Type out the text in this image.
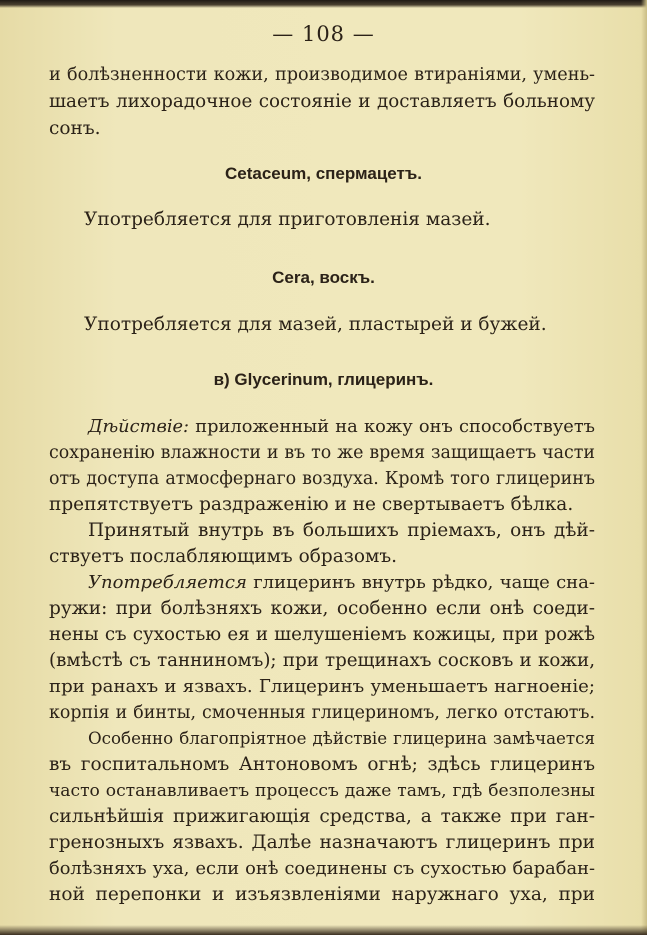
— 108 —
и болѣзненности кожи, производимое втираніями, умень-
шаетъ лихорадочное состояніе и доставляетъ больному
сонъ.
Cetaceum, спермацетъ.
Употребляется для приготовленія мазей.
Cera, воскъ.
Употребляется для мазей, пластырей и бужей.
в) Glycerinum, глицеринъ.
Дѣйствіе: приложенный на кожу онъ способствуетъ
сохраненію влажности и въ то же время защищаетъ части
отъ доступа атмосфернаго воздуха. Кромѣ того глицеринъ
препятствуетъ раздраженію и не свертываетъ бѣлка.
Принятый внутрь въ большихъ пріемахъ, онъ дѣй-
ствуетъ послабляющимъ образомъ.
Употребляется глицеринъ внутрь рѣдко, чаще сна-
ружи: при болѣзняхъ кожи, особенно если онѣ соеди-
нены съ сухостью ея и шелушеніемъ кожицы, при рожѣ
(вмѣстѣ съ танниномъ); при трещинахъ сосковъ и кожи,
при ранахъ и язвахъ. Глицеринъ уменьшаетъ нагноеніе;
корпія и бинты, смоченныя глицериномъ, легко отстаютъ.
Особенно благопріятное дѣйствіе глицерина замѣчается
въ госпитальномъ Антоновомъ огнѣ; здѣсь глицеринъ
часто останавливаетъ процессъ даже тамъ, гдѣ безполезны
сильнѣйшія прижигающія средства, а также при ган-
гренозныхъ язвахъ. Далѣе назначаютъ глицеринъ при
болѣзняхъ уха, если онѣ соединены съ сухостью барабан-
ной перепонки и изъязвленіями наружнаго уха, при
